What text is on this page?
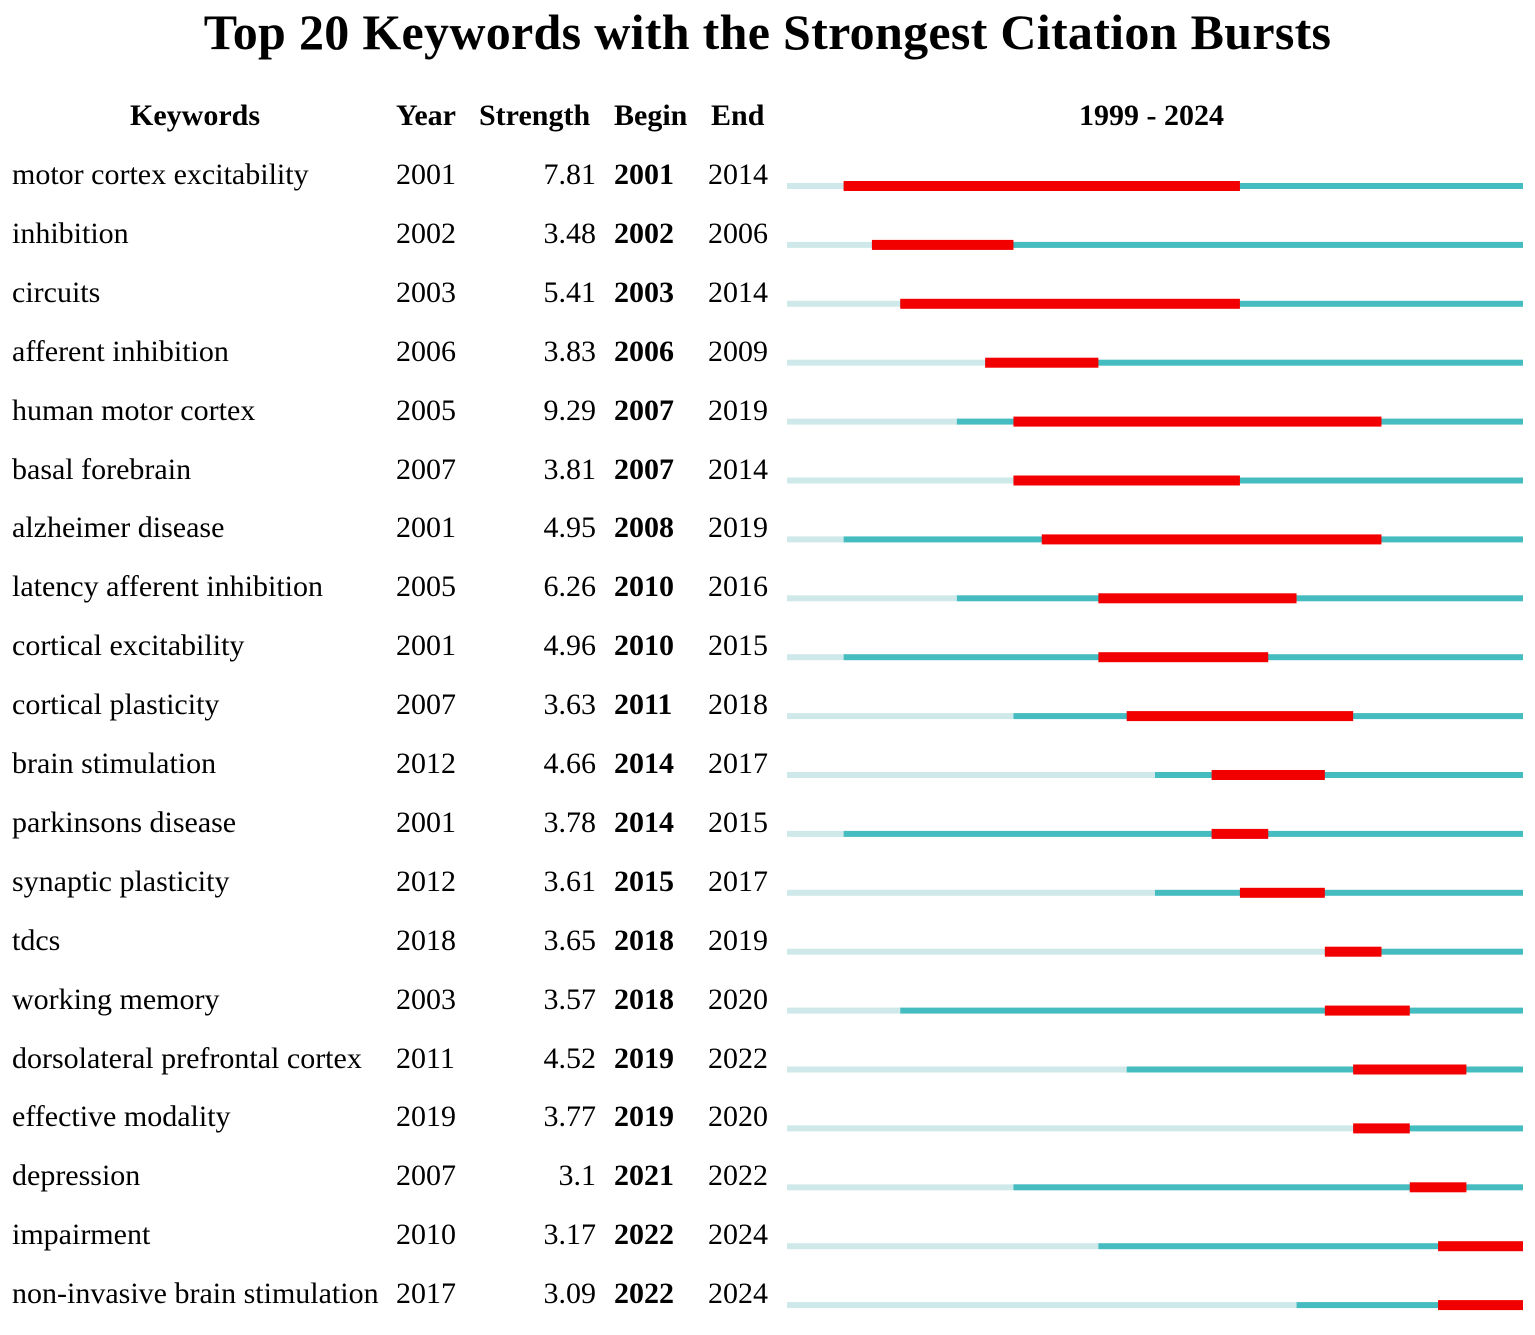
Top 20 Keywords with the Strongest Citation Bursts
Keywords	Year Strength Begin End	1999 - 2024
motor cortex excitability	2001	7.81 2001 2014
inhibition	2002	3.48 2002 2006
circuits	2003	5.41 2003 2014
afferent inhibition	2006	3.83 2006 2009
human motor cortex	2005	9.29 2007 2019
basal forebrain	2007	3.81 2007 2014
alzheimer disease	2001	4.95 2008 2019
latency afferent inhibition 2005	6.26 2010 2016
cortical excitability	2001	4.96 2010 2015
cortical plasticity	2007	3.63 2011 2018
brain stimulation	2012	4.66 2014 2017
parkinsons disease	2001	3.78 2014 2015
synaptic plasticity	2012	3.61 2015 2017
tdcs	2018	3.65 2018 2019
working memory	2003	3.57 2018 2020
dorsolateral prefrontal cortex 2011	4.52 2019 2022
effective modality	2019	3.77 2019 2020
depression	2007	3.1 2021 2022
impairment	2010	3.17 2022 2024
non-invasive brain stimulation 2017	3.09 2022 2024
